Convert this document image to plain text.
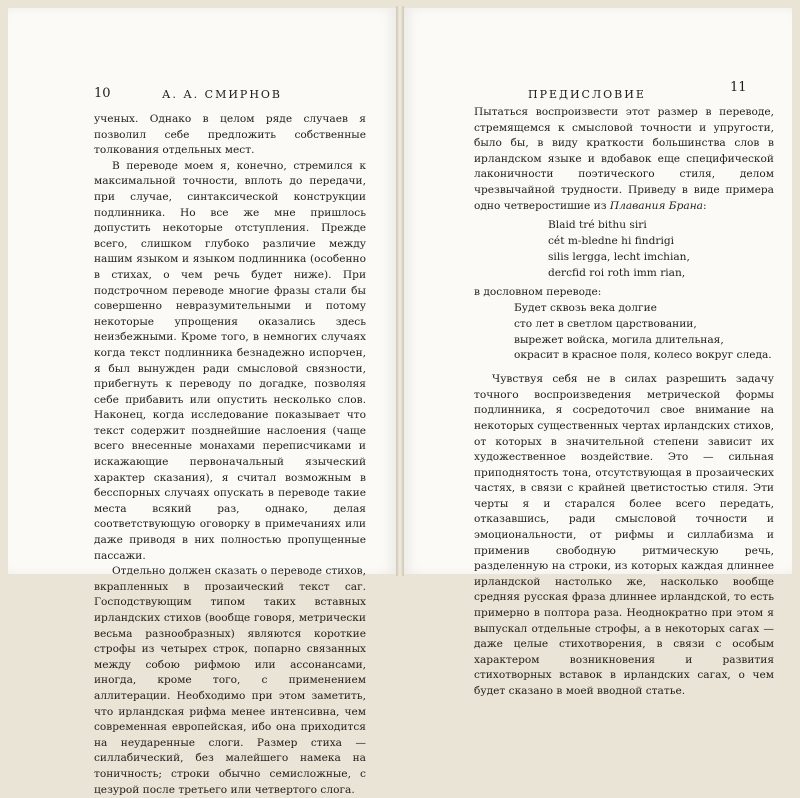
10	А. А. СМИРНОВ

ученых. Однако в целом ряде случаев я позволил себе предложить собственные толкования отдельных мест.

В переводе моем я, конечно, стремился к максимальной точности, вплоть до передачи, при случае, синтаксической конструкции подлинника. Но все же мне пришлось допустить некоторые отступления. Прежде всего, слишком глубоко различие между нашим языком и языком подлинника (особенно в стихах, о чем речь будет ниже). При подстрочном переводе многие фразы стали бы совершенно невразумительными и потому некоторые упрощения оказались здесь неизбежными. Кроме того, в немногих случаях когда текст подлинника безнадежно испорчен, я был вынужден ради смысловой связности, прибегнуть к переводу по догадке, позволяя себе прибавить или опустить несколько слов. Наконец, когда исследование показывает что текст содержит позднейшие наслоения (чаще всего внесенные монахами переписчиками и искажающие первоначальный языческий характер сказания), я считал возможным в бесспорных случаях опускать в переводе такие места всякий раз, однако, делая соответствующую оговорку в примечаниях или даже приводя в них полностью пропущенные пассажи.

Отдельно должен сказать о переводе стихов, вкрапленных в прозаический текст саг. Господствующим типом таких вставных ирландских стихов (вообще говоря, метрически весьма разнообразных) являются короткие строфы из четырех строк, попарно связанных между собою рифмою или ассонансами, иногда, кроме того, с применением аллитерации. Необходимо при этом заметить, что ирландская рифма менее интенсивна, чем современная европейская, ибо она приходится на неударенные слоги. Размер стиха — силлабический, без малейшего намека на тоничность; строки обычно семисложные, с цезурой после третьего или четвертого слога.

ПРЕДИСЛОВИЕ	11

Пытаться воспроизвести этот размер в переводе, стремящемся к смысловой точности и упругости, было бы, в виду краткости большинства слов в ирландском языке и вдобавок еще специфической лаконичности поэтического стиля, делом чрезвычайной трудности. Приведу в виде примера одно четверостишие из Плавания Брана:

Blaid tré bithu siri
cét m-bledne hi findrigi
silis lergga, lecht imchian,
dercfid roi roth imm rian,

в дословном переводе:

Будет сквозь века долгие
сто лет в светлом царствовании,
вырежет войска, могила длительная,
окрасит в красное поля, колесо вокруг следа.

Чувствуя себя не в силах разрешить задачу точного воспроизведения метрической формы подлинника, я сосредоточил свое внимание на некоторых существенных чертах ирландских стихов, от которых в значительной степени зависит их художественное воздействие. Это — сильная приподнятость тона, отсутствующая в прозаических частях, в связи с крайней цветистостью стиля. Эти черты я и старался более всего передать, отказавшись, ради смысловой точности и эмоциональности, от рифмы и силлабизма и применив свободную ритмическую речь, разделенную на строки, из которых каждая длиннее ирландской настолько же, насколько вообще средняя русская фраза длиннее ирландской, то есть примерно в полтора раза. Неоднократно при этом я выпускал отдельные строфы, а в некоторых сагах — даже целые стихотворения, в связи с особым характером возникновения и развития стихотворных вставок в ирландских сагах, о чем будет сказано в моей вводной статье.
